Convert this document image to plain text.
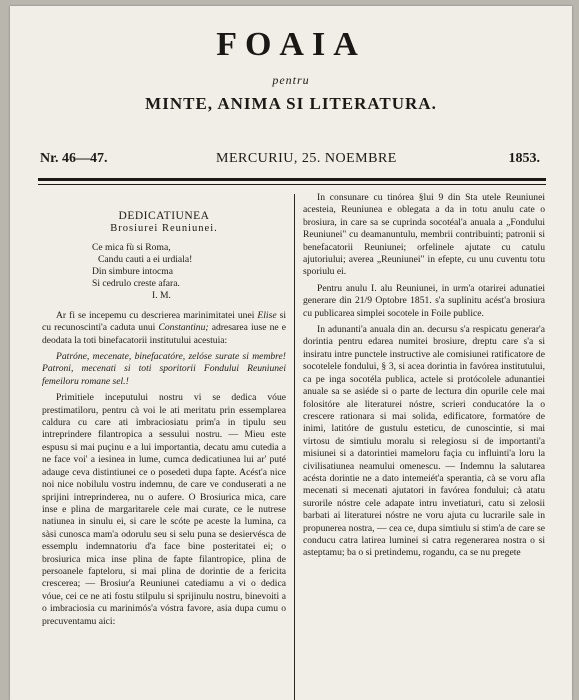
FOAIA
pentru
MINTE, ANIMA SI LITERATURA.
Nr. 46—47.	MERCURIU, 25. NOEMBRE	1853.
DEDICATIUNEA
Brosiurei Reuniunei.
Ce mica fù si Roma,
Candu cauti a ei urdiala!
Din simbure intocma
Si cedrulo creste afara.
I. M.

Ar fi se incepemu cu descrierea marinimitatei unei Elise si cu recunoscinti'a caduta unui Constantinu; adresarea iuse ne e deodata la toti binefacatorii institutului acestuia:

Patróne, mecenate, binefacatóre, zelóse surate si membre! Patroni, mecenati si toti sporitorii Fondului Reuniunei femeiloru romane sel.!

Primitiele inceputului nostru vi se dedica vóue prestimatiloru, pentru cà voi le ati meritatu prin essemplarea caldura cu care ati imbraciosiatu prim'a in tipulu seu intreprindere filantropica a sessului nostru. — Mieu este espusu si mai puçinu e a lui importantia, decatu amu cutediа a ne face voi' a iesinea in lume, cumca dedicatiunea lui ar' puté adauge ceva distintiunei ce o posedeti dupa fapte. Acést'a nice noi nice nobilulu vostru indemnu, de care ve conduserati a ne sprijini intreprinderea, nu o aufere. O Brosiurica mica, care inse e plina de margaritarele cele mai curate, ce le nutrese natiunea in sinulu ei, si care le scóte pe aceste la lumina, ca sàsi cunosca mam'a odorulu seu si selu puna se desiervésca de essemplu indemnatoriu d'a face bine posteritatei ei; o brosiurica mica inse plina de fapte filantropice, plina de persoanele fapteloru, si mai plina de dorintie de a fericita crescerea; — Brosiur'a Reuniunei catediamu a vi o dedica vóue, cei ce ne ati fostu stilpulu si sprijinulu nostru, binevoiti a o imbraciosia cu marinimós'a vóstra favore, asia dupa cumu o precuventamu aici:

In consunare cu tinórea §lui 9 din Sta utele Reuniunei acesteia, Reuniunea e oblegata a da in totu anulu cate o brosiura, in care sa se cuprinda socotéal'a anuala a „Fondului Reuniunei" cu deamanuntulu, membrii contribuinti; patronii si benefacatorii Reuniunei; orfelinele ajutate cu catulu ajutoriului; averea „Reuniunei" in efepte, cu unu cuventu totu sporiulu ei.

Pentru anulu I. alu Reuniunei, in urm'a otarirei adunatiei generare din 21/9 Optobre 1851. s'a suplinitu acést'a brosiura cu publicarea simplei socotele in Foile publice.

In adunanti'a anuala din an. decursu s'a respicatu generar'a dorintia pentru edarea numitei brosiure, dreptu care s'a si insiratu intre punctele instructive ale comisiunei ratificatore de socotelele fondului, § 3, si acea dorintia in favórea institutului, ca pe inga socotéla publica, actele si protócolele adunantiei anuale sa se asiéde si o parte de lectura din opurile cele mai folositóre ale literaturei nóstre, scrieri conducatóre la o crescere rationara si mai solida, edificatore, formatóre de inimi, latitóre de gustulu esteticu, de cunoscintie, si mai virtosu de simtiulu moralu si relegiosu si de importanti'a misiunei si a datorintiei mameloru façia cu influinti'a loru la civilisatiunea neamului omenescu. — Indemnu la salutarea acésta dorintie ne a dato intemeiét'a sperantia, cà se voru afla mecenati si mecenati ajutatori in favórea fondului; cà atatu surorile nóstre cele adapate intru invetiaturi, catu si zelosii barbati ai literaturei nóstre ne voru ajuta cu lucrarile sale in propunerea nostra, — cea ce, dupa simtiulu si stim'a de care se conducu catra latirea luminei si catra regenerarea nostra o si asteptamu; ba o si pretindemu, rogandu, ca se nu pregete
